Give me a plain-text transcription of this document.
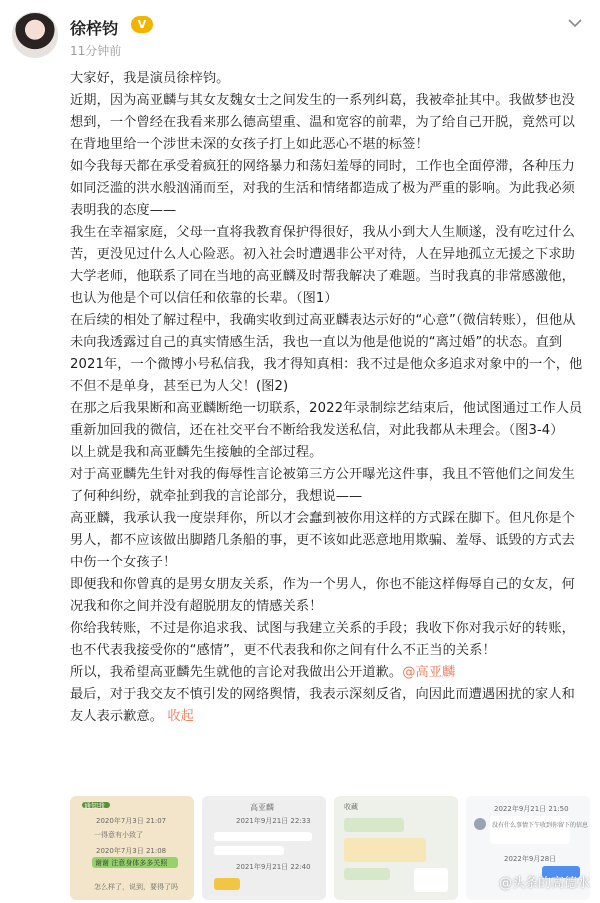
徐梓钧	V
11分钟前

大家好，我是演员徐梓钧。

近期，因为高亚麟与其女友魏女士之间发生的一系列纠葛，我被牵扯其中。我做梦也没想到，一个曾经在我看来那么德高望重、温和宽容的前辈，为了给自己开脱，竟然可以在背地里给一个涉世未深的女孩子打上如此恶心不堪的标签！

如今我每天都在承受着疯狂的网络暴力和荡妇羞辱的同时，工作也全面停滞，各种压力如同泛滥的洪水般汹涌而至，对我的生活和情绪都造成了极为严重的影响。为此我必须表明我的态度——

我生在幸福家庭，父母一直将我教育保护得很好，我从小到大人生顺遂，没有吃过什么苦，更没见过什么人心险恶。初入社会时遭遇非公平对待，人在异地孤立无援之下求助大学老师，他联系了同在当地的高亚麟及时帮我解决了难题。当时我真的非常感激他，也认为他是个可以信任和依靠的长辈。（图1）

在后续的相处了解过程中，我确实收到过高亚麟表达示好的“心意”（微信转账），但他从未向我透露过自己的真实情感生活，我也一直以为他是他说的“离过婚”的状态。直到2021年，一个微博小号私信我，我才得知真相：我不过是他众多追求对象中的一个，他不但不是单身，甚至已为人父！(图2)

在那之后我果断和高亚麟断绝一切联系，2022年录制综艺结束后，他试图通过工作人员重新加回我的微信，还在社交平台不断给我发送私信，对此我都从未理会。（图3-4）

以上就是我和高亚麟先生接触的全部过程。

对于高亚麟先生针对我的侮辱性言论被第三方公开曝光这件事，我且不管他们之间发生了何种纠纷，就牵扯到我的言论部分，我想说——

高亚麟，我承认我一度崇拜你，所以才会蠢到被你用这样的方式踩在脚下。但凡你是个男人，都不应该做出脚踏几条船的事，更不该如此恶意地用欺骗、羞辱、诋毁的方式去中伤一个女孩子！

即便我和你曾真的是男女朋友关系，作为一个男人，你也不能这样侮辱自己的女友，何况我和你之间并没有超脱朋友的情感关系！

你给我转账，不过是你追求我、试图与我建立关系的手段；我收下你对我示好的转账，也不代表我接受你的“感情”，更不代表我和你之间有什么不正当的关系！

所以，我希望高亚麟先生就他的言论对我做出公开道歉。@高亚麟

最后，对于我交友不慎引发的网络舆情，我表示深刻反省，向因此而遭遇困扰的家人和友人表示歉意。 收起

通知我
2020年7月3日 21:07
一得意有小致了
2020年7月3日 21:08
谢谢 注意身体多多关照
怎么样了，说到，要得了吗
高亚麟
2021年9月21日 22:33
2021年9月21日 22:40
收藏	2022年9月21日 21:50
没有什么事情下午收到你留下的信息
2022年9月28日
@头条的高德水
